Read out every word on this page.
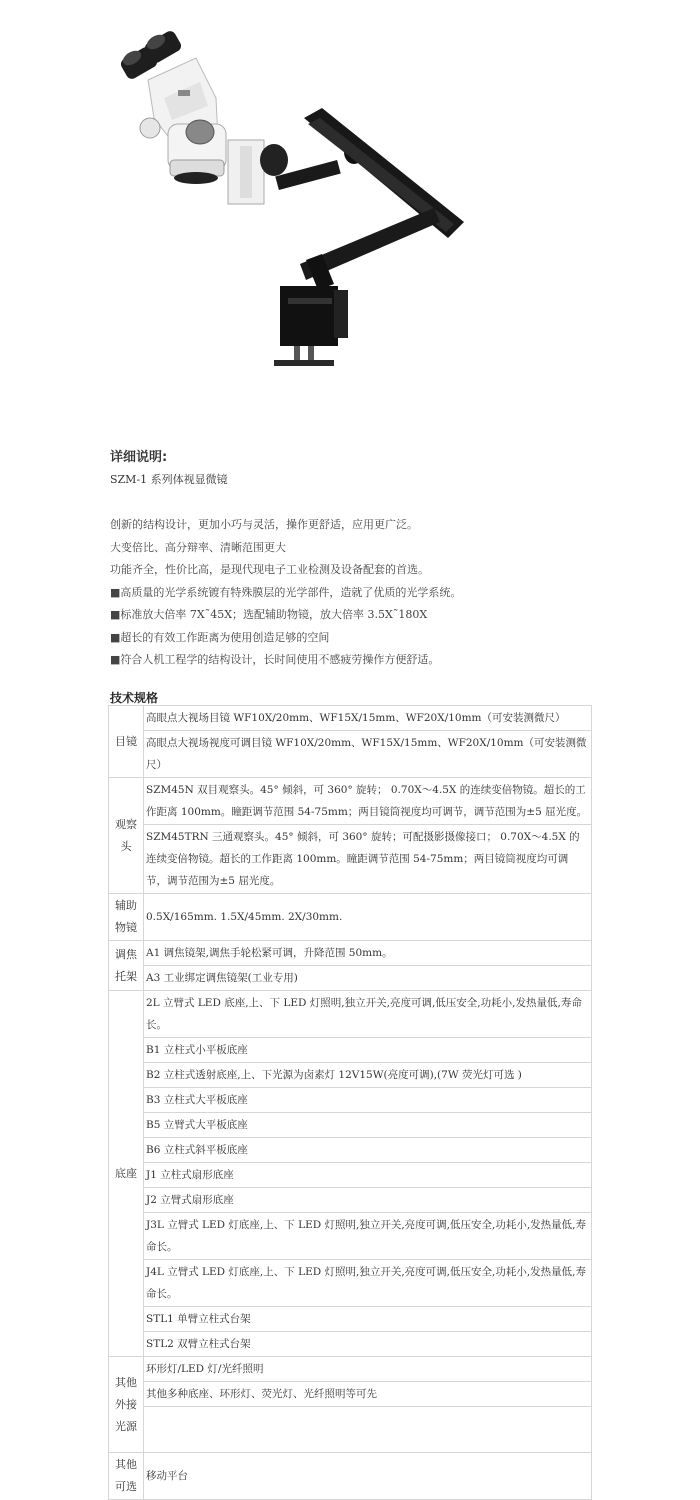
详细说明:
SZM-1 系列体视显微镜
创新的结构设计，更加小巧与灵活，操作更舒适，应用更广泛。
大变倍比、高分辩率、清晰范围更大
功能齐全，性价比高，是现代现电子工业检测及设备配套的首选。
■高质量的光学系统镀有特殊膜层的光学部件，造就了优质的光学系统。
■标准放大倍率 7X˜45X；选配辅助物镜，放大倍率 3.5X˜180X
■超长的有效工作距离为使用创造足够的空间
■符合人机工程学的结构设计，长时间使用不感疲劳操作方便舒适。
技术规格
目镜	高眼点大视场目镜 WF10X/20mm、WF15X/15mm、WF20X/10mm（可安装测微尺）
	高眼点大视场视度可调目镜 WF10X/20mm、WF15X/15mm、WF20X/10mm（可安装测微尺）
观察头	SZM45N 双目观察头。45° 倾斜，可 360° 旋转； 0.70X～4.5X 的连续变倍物镜。超长的工作距离 100mm。瞳距调节范围 54-75mm；两目镜筒视度均可调节，调节范围为±5 屈光度。
	SZM45TRN 三通观察头。45° 倾斜，可 360° 旋转；可配摄影摄像接口； 0.70X～4.5X 的连续变倍物镜。超长的工作距离 100mm。瞳距调节范围 54-75mm；两目镜筒视度均可调节，调节范围为±5 屈光度。
辅助物镜	0.5X/165mm. 1.5X/45mm. 2X/30mm.
调焦托架	A1 调焦镜架,调焦手轮松紧可调，升降范围 50mm。
	A3 工业绑定调焦镜架(工业专用)
底座	2L 立臂式 LED 底座,上、下 LED 灯照明,独立开关,亮度可调,低压安全,功耗小,发热量低,寿命长。
	B1 立柱式小平板底座
	B2 立柱式透射底座,上、下光源为卤素灯 12V15W(亮度可调),(7W 荧光灯可选 )
	B3 立柱式大平板底座
	B5 立臂式大平板底座
	B6 立柱式斜平板底座
	J1 立柱式扇形底座
	J2 立臂式扇形底座
	J3L 立臂式 LED 灯底座,上、下 LED 灯照明,独立开关,亮度可调,低压安全,功耗小,发热量低,寿命长。
	J4L 立臂式 LED 灯底座,上、下 LED 灯照明,独立开关,亮度可调,低压安全,功耗小,发热量低,寿命长。
	STL1 单臂立柱式台架
	STL2 双臂立柱式台架
其他外接光源	环形灯/LED 灯/光纤照明
	其他多种底座、环形灯、荧光灯、光纤照明等可先

其他可选	移动平台
